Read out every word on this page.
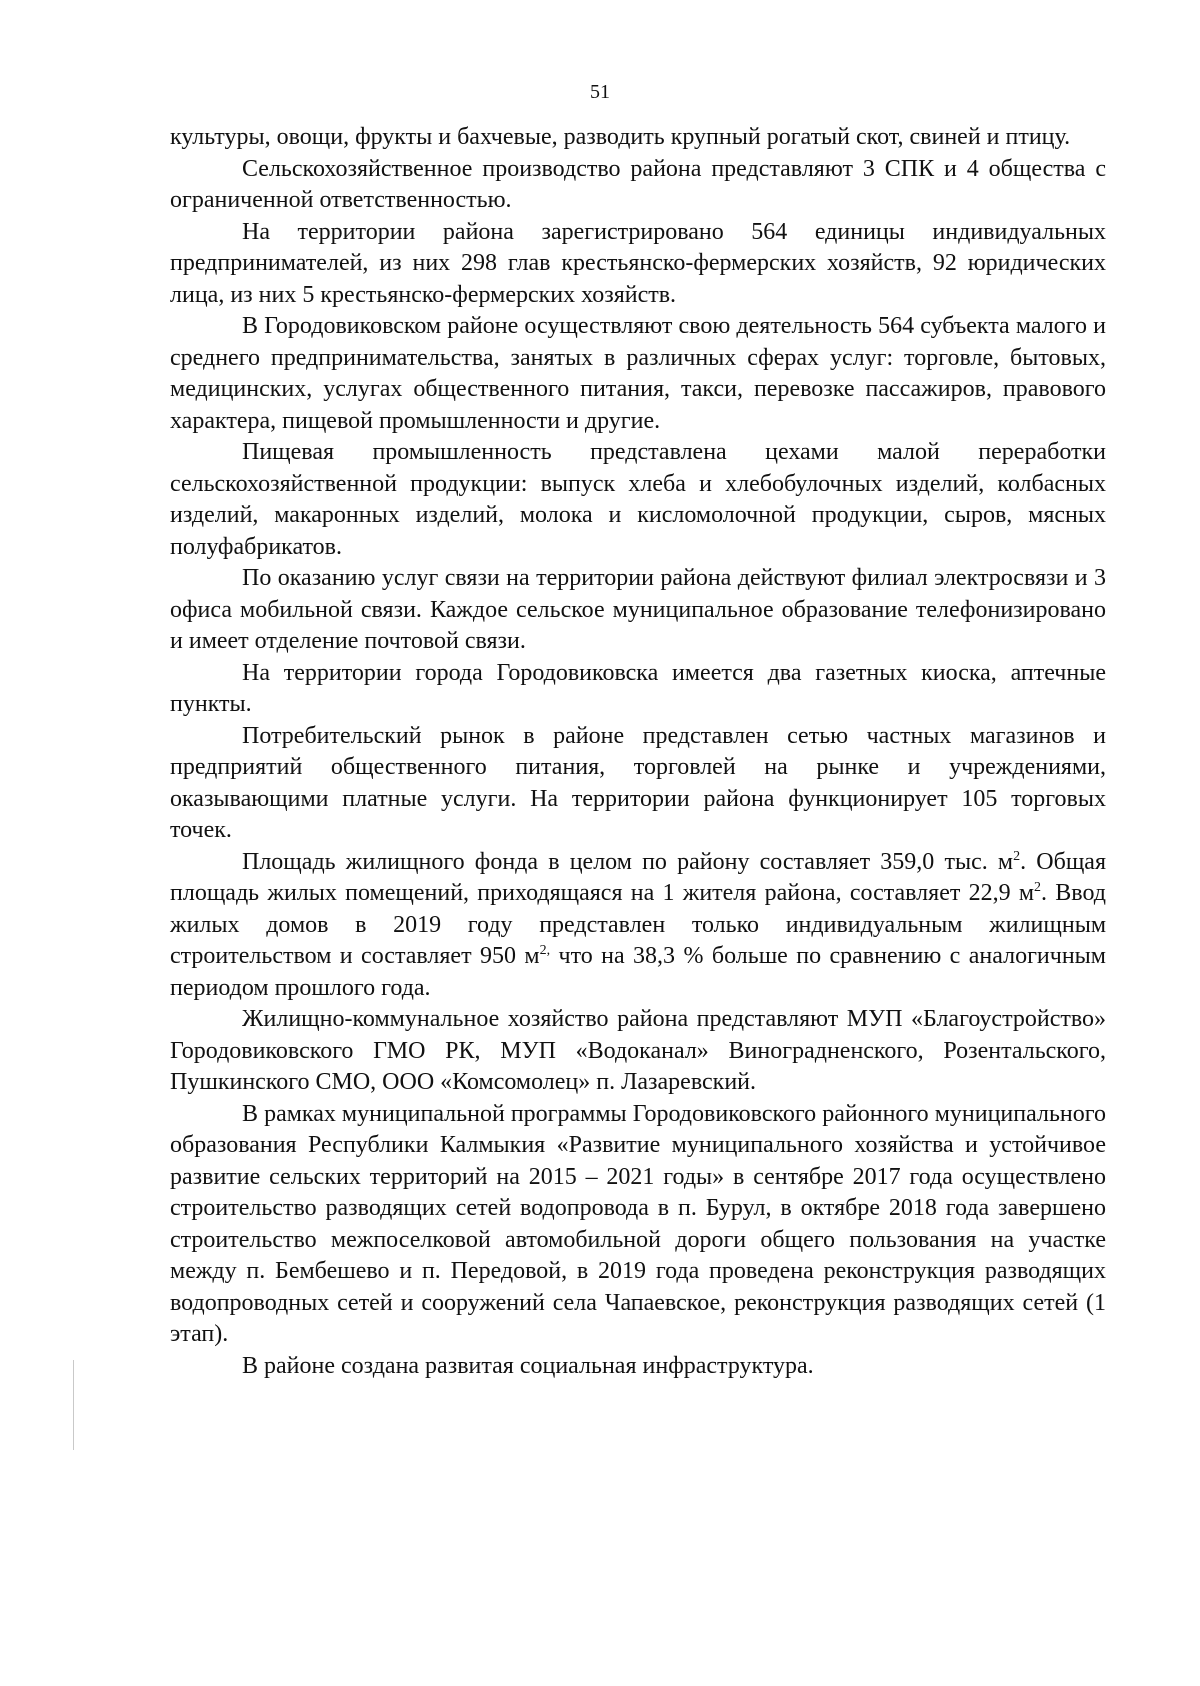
51

культуры, овощи, фрукты и бахчевые, разводить крупный рогатый скот, свиней и птицу.

Сельскохозяйственное производство района представляют 3 СПК и 4 общества с ограниченной ответственностью.

На территории района зарегистрировано 564 единицы индивидуальных предпринимателей, из них 298 глав крестьянско-фермерских хозяйств, 92 юридических лица, из них 5 крестьянско-фермерских хозяйств.

В Городовиковском районе осуществляют свою деятельность 564 субъекта малого и среднего предпринимательства, занятых в различных сферах услуг: торговле, бытовых, медицинских, услугах общественного питания, такси, перевозке пассажиров, правового характера, пищевой промышленности и другие.

Пищевая промышленность представлена цехами малой переработки сельскохозяйственной продукции: выпуск хлеба и хлебобулочных изделий, колбасных изделий, макаронных изделий, молока и кисломолочной продукции, сыров, мясных полуфабрикатов.

По оказанию услуг связи на территории района действуют филиал электросвязи и 3 офиса мобильной связи. Каждое сельское муниципальное образование телефонизировано и имеет отделение почтовой связи.

На территории города Городовиковска имеется два газетных киоска, аптечные пункты.

Потребительский рынок в районе представлен сетью частных магазинов и предприятий общественного питания, торговлей на рынке и учреждениями, оказывающими платные услуги. На территории района функционирует 105 торговых точек.

Площадь жилищного фонда в целом по району составляет 359,0 тыс. $м^2$. Общая площадь жилых помещений, приходящаяся на 1 жителя района, составляет 22,9 $м^2$. Ввод жилых домов в 2019 году представлен только индивидуальным жилищным строительством и составляет 950 $м^{2,}$ что на 38,3 % больше по сравнению с аналогичным периодом прошлого года.

Жилищно-коммунальное хозяйство района представляют МУП «Благоустройство» Городовиковского ГМО РК, МУП «Водоканал» Виноградненского, Розентальского, Пушкинского СМО, ООО «Комсомолец» п. Лазаревский.

В рамках муниципальной программы Городовиковского районного муниципального образования Республики Калмыкия «Развитие муниципального хозяйства и устойчивое развитие сельских территорий на 2015 – 2021 годы» в сентябре 2017 года осуществлено строительство разводящих сетей водопровода в п. Бурул, в октябре 2018 года завершено строительство межпоселковой автомобильной дороги общего пользования на участке между п. Бембешево и п. Передовой, в 2019 года проведена реконструкция разводящих водопроводных сетей и сооружений села Чапаевское, реконструкция разводящих сетей (1 этап).

В районе создана развитая социальная инфраструктура.
